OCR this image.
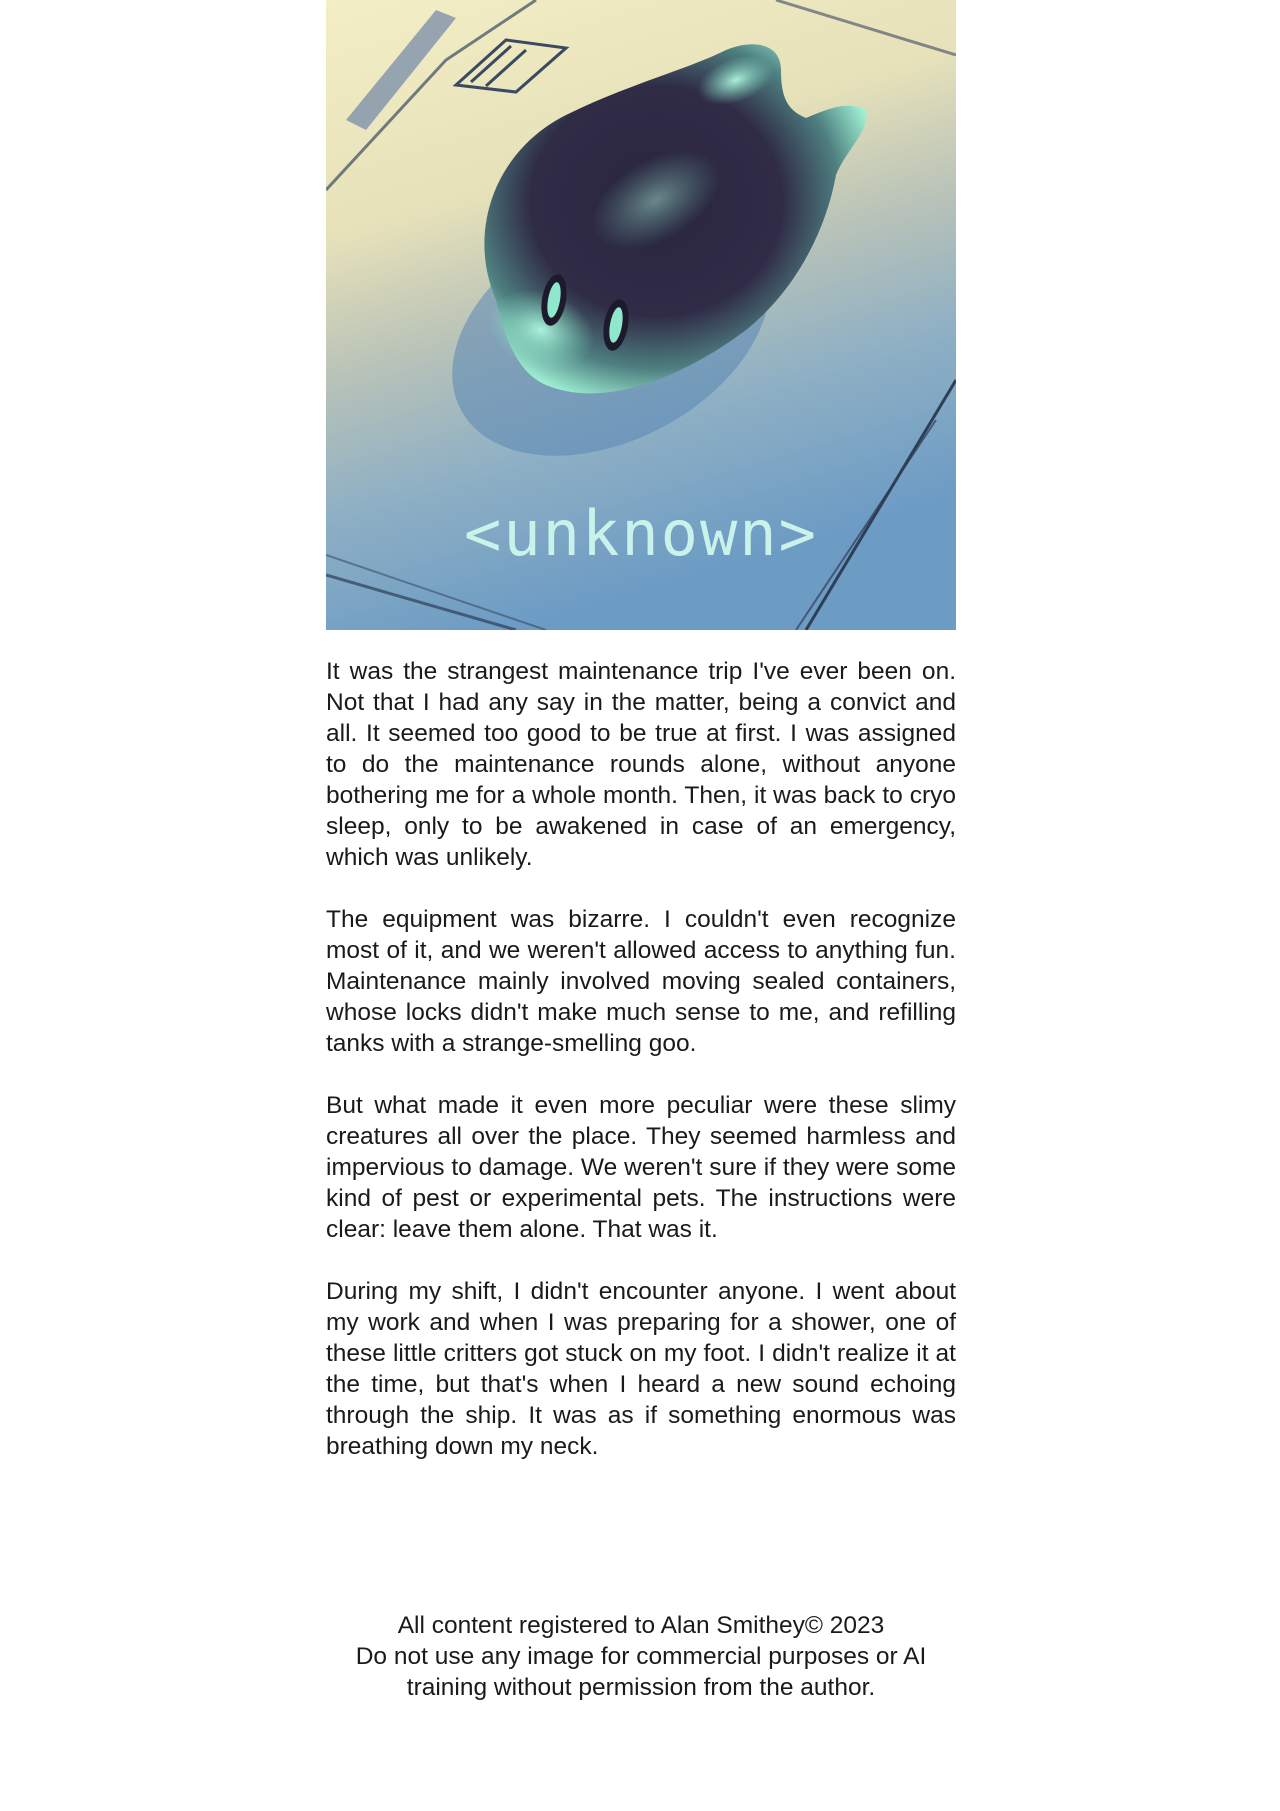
<unknown>

It was the strangest maintenance trip I've ever been on. Not that I had any say in the matter, being a convict and all. It seemed too good to be true at first. I was assigned to do the maintenance rounds alone, without anyone bothering me for a whole month. Then, it was back to cryo sleep, only to be awakened in case of an emergency, which was unlikely.

The equipment was bizarre. I couldn't even recognize most of it, and we weren't allowed access to anything fun. Maintenance mainly involved moving sealed containers, whose locks didn't make much sense to me, and refilling tanks with a strange-smelling goo.

But what made it even more peculiar were these slimy creatures all over the place. They seemed harmless and impervious to damage. We weren't sure if they were some kind of pest or experimental pets. The instructions were clear: leave them alone. That was it.

During my shift, I didn't encounter anyone. I went about my work and when I was preparing for a shower, one of these little critters got stuck on my foot. I didn't realize it at the time, but that's when I heard a new sound echoing through the ship. It was as if something enormous was breathing down my neck.

All content registered to Alan Smithey© 2023
Do not use any image for commercial purposes or AI training without permission from the author.
